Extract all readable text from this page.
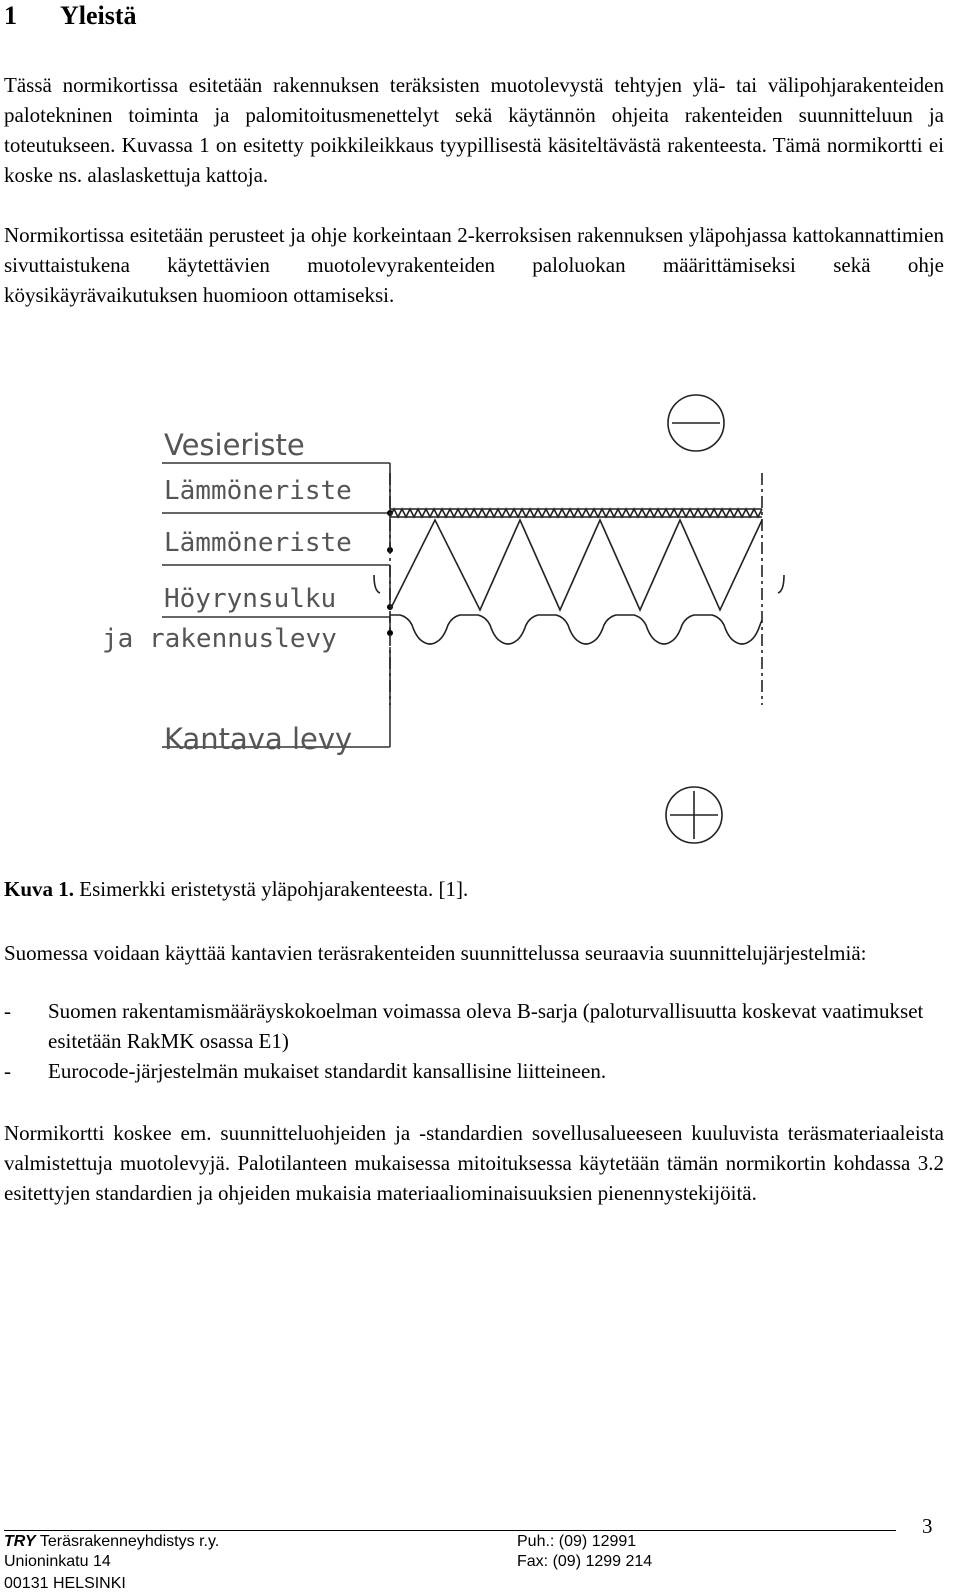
1 Yleistä

Tässä normikortissa esitetään rakennuksen teräksisten muotolevystä tehtyjen ylä- tai välipohjarakenteiden palotekninen toiminta ja palomitoitusmenettelyt sekä käytännön ohjeita rakenteiden suunnitteluun ja toteutukseen. Kuvassa 1 on esitetty poikkileikkaus tyypillisestä käsiteltävästä rakenteesta. Tämä normikortti ei koske ns. alaslaskettuja kattoja.

Normikortissa esitetään perusteet ja ohje korkeintaan 2-kerroksisen rakennuksen yläpohjassa kattokannattimien sivuttaistukena käytettävien muotolevyrakenteiden paloluokan määrittämiseksi sekä ohje köysikäyrävaikutuksen huomioon ottamiseksi.

Vesieriste
Lämmöneriste
Lämmöneriste
Höyrynsulku
ja rakennuslevy
Kantava levy

Kuva 1. Esimerkki eristetystä yläpohjarakenteesta. [1].

Suomessa voidaan käyttää kantavien teräsrakenteiden suunnittelussa seuraavia suunnittelujärjestelmiä:

- Suomen rakentamismääräyskokoelman voimassa oleva B-sarja (paloturvallisuutta koskevat vaatimukset esitetään RakMK osassa E1)
- Eurocode-järjestelmän mukaiset standardit kansallisine liitteineen.

Normikortti koskee em. suunnitteluohjeiden ja -standardien sovellusalueeseen kuuluvista teräsmateriaaleista valmistettuja muotolevyjä. Palotilanteen mukaisessa mitoituksessa käytetään tämän normikortin kohdassa 3.2 esitettyjen standardien ja ohjeiden mukaisia materiaaliominaisuuksien pienennystekijöitä.

3
TRY Teräsrakenneyhdistys r.y.
Unioninkatu 14
00131 HELSINKI
Puh.: (09) 12991
Fax: (09) 1299 214
